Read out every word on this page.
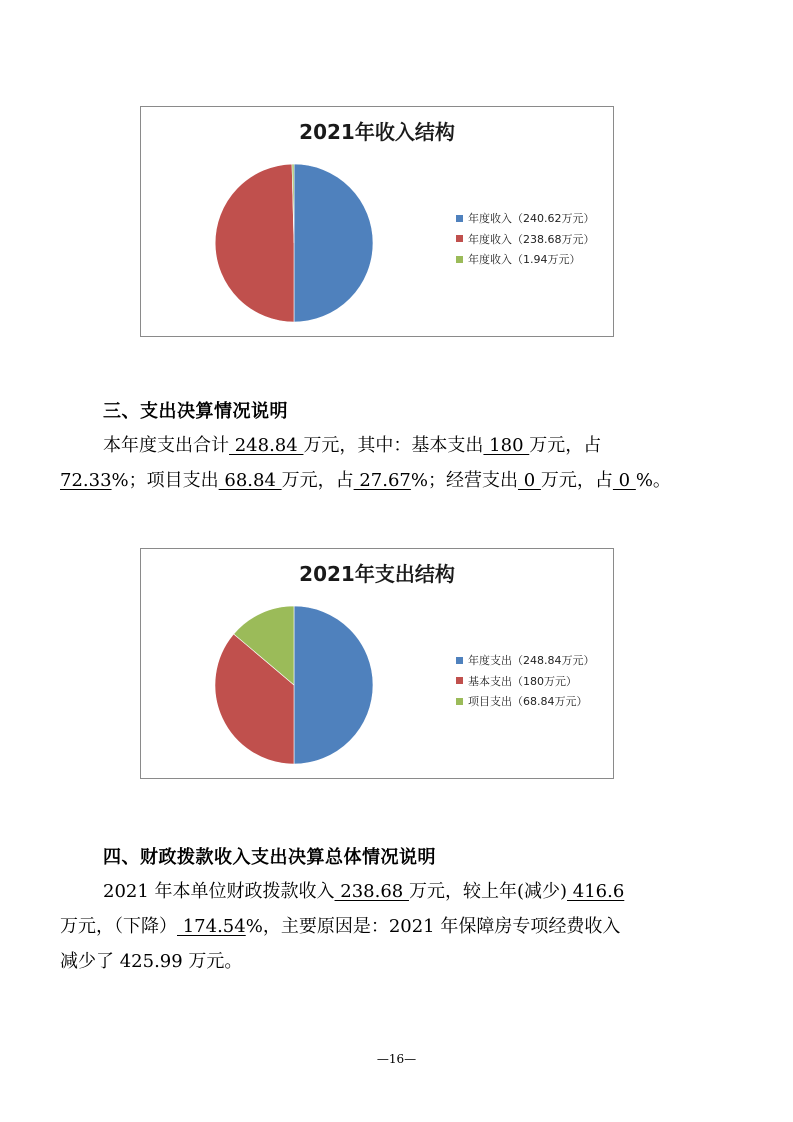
2021年收入结构
年度收入（240.62万元）
年度收入（238.68万元）
年度收入（1.94万元）
三、支出决算情况说明
本年度支出合计 248.84 万元，其中：基本支出 180 万元，占
72.33%；项目支出 68.84 万元，占 27.67%；经营支出 0 万元，占 0 %。
2021年支出结构
年度支出（248.84万元）
基本支出（180万元）
项目支出（68.84万元）
四、财政拨款收入支出决算总体情况说明
2021 年本单位财政拨款收入 238.68 万元，较上年(减少) 416.6
万元，（下降） 174.54%，主要原因是：2021 年保障房专项经费收入
减少了 425.99 万元。
—16—
